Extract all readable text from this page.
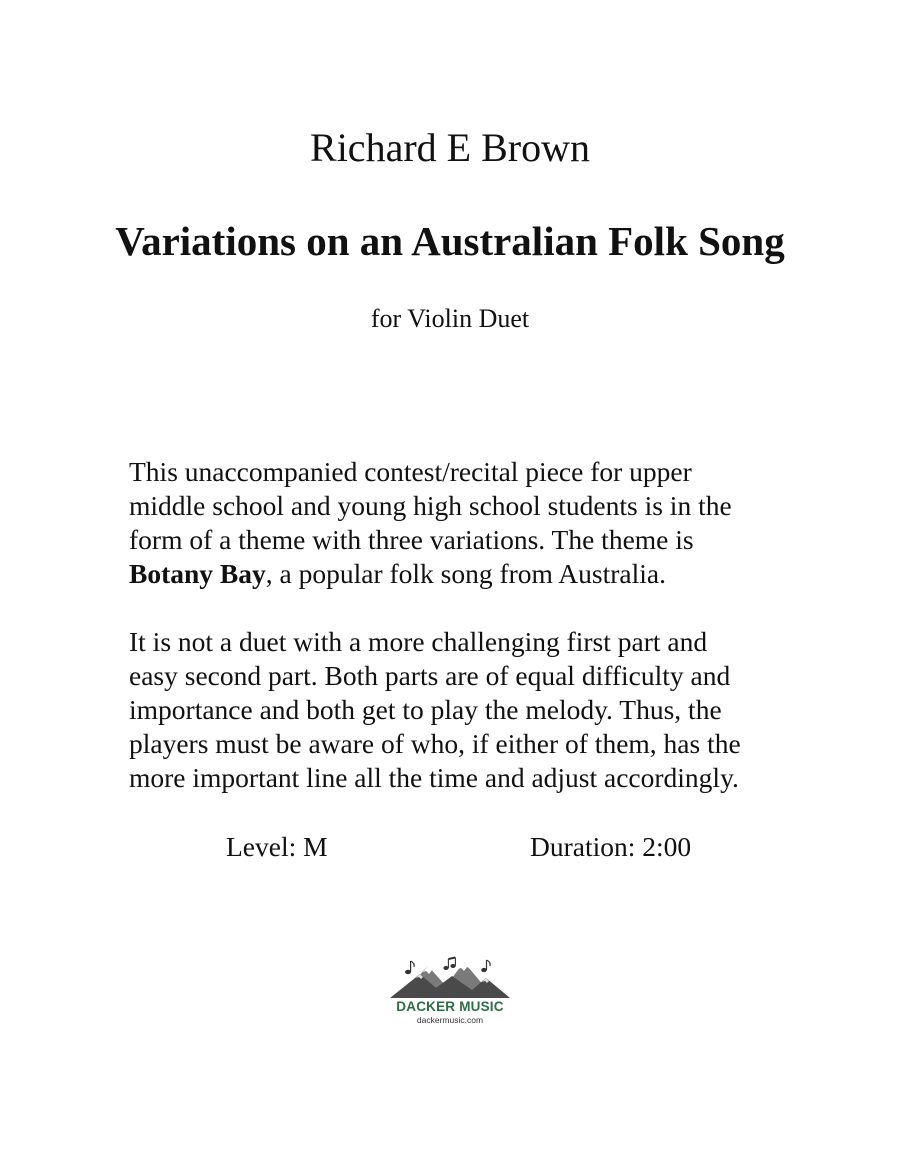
Richard E Brown
Variations on an Australian Folk Song
for Violin Duet

This unaccompanied contest/recital piece for upper
middle school and young high school students is in the
form of a theme with three variations. The theme is
Botany Bay, a popular folk song from Australia.

It is not a duet with a more challenging first part and
easy second part. Both parts are of equal difficulty and
importance and both get to play the melody. Thus, the
players must be aware of who, if either of them, has the
more important line all the time and adjust accordingly.

Level: M	Duration: 2:00
DACKER MUSIC
dackermusic.com
